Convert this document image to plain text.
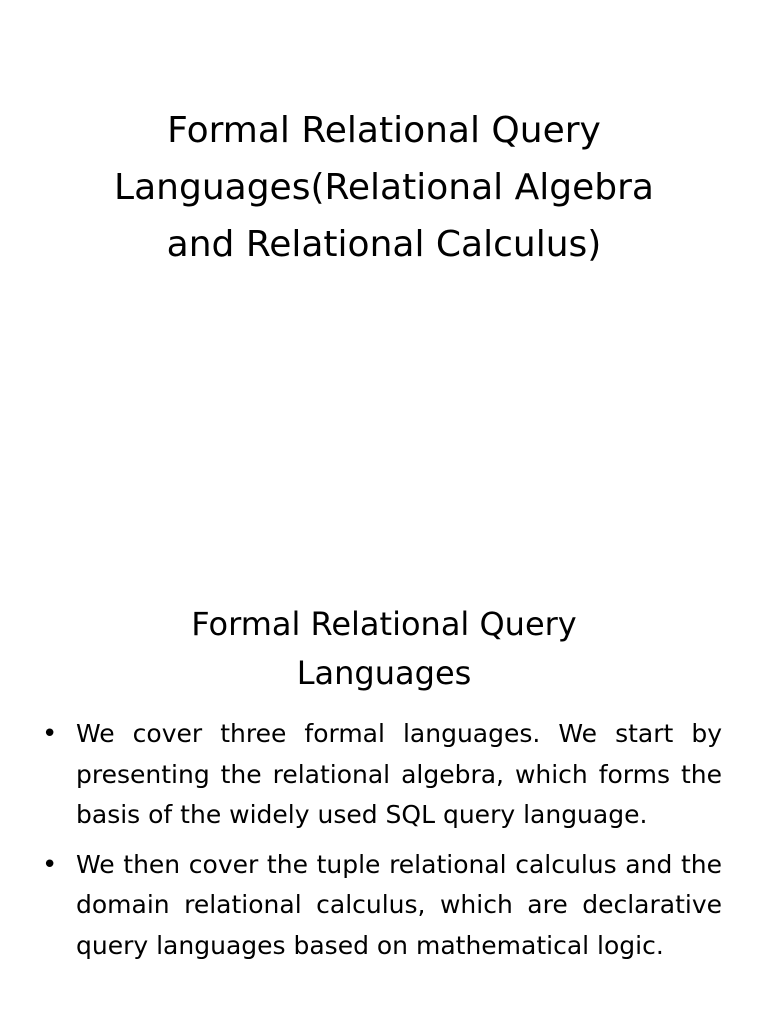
Formal Relational Query
Languages(Relational Algebra
and Relational Calculus)
Formal Relational Query
Languages
• We cover three formal languages. We start by presenting the relational algebra, which forms the basis of the widely used SQL query language.
• We then cover the tuple relational calculus and the domain relational calculus, which are declarative query languages based on mathematical logic.
